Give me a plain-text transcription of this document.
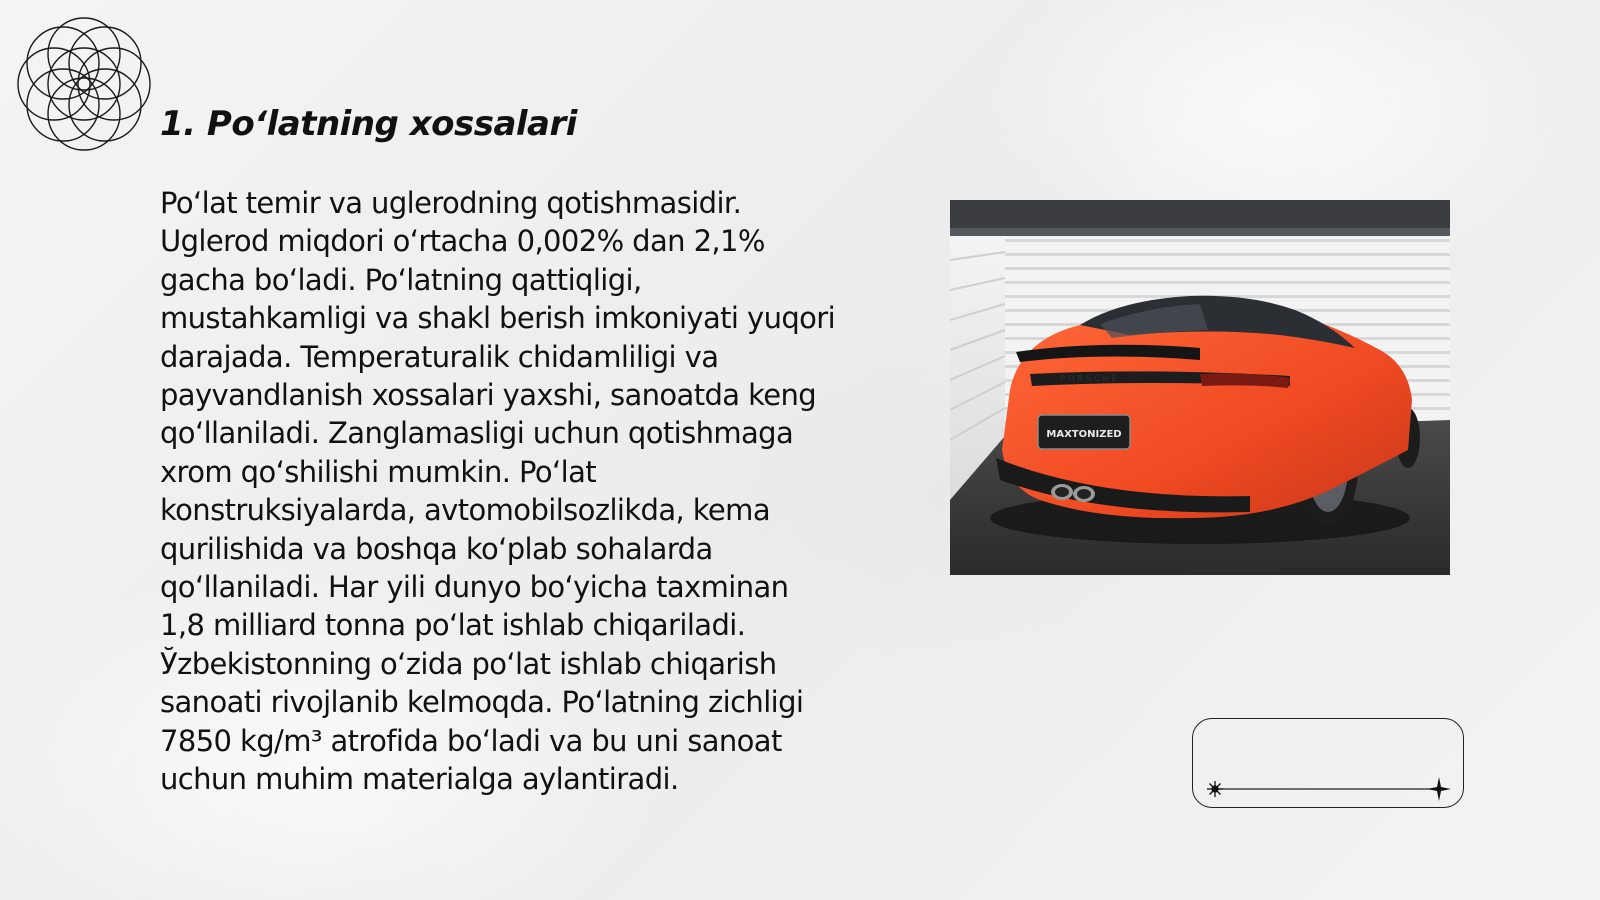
1. Po‘latning xossalari

Po‘lat temir va uglerodning qotishmasidir. Uglerod miqdori o‘rtacha 0,002% dan 2,1% gacha bo‘ladi. Po‘latning qattiqligi, mustahkamligi va shakl berish imkoniyati yuqori darajada. Temperaturalik chidamliligi va payvandlanish xossalari yaxshi, sanoatda keng qo‘llaniladi. Zanglamasligi uchun qotishmaga xrom qo‘shilishi mumkin. Po‘lat konstruksiyalarda, avtomobilsozlikda, kema qurilishida va boshqa ko‘plab sohalarda qo‘llaniladi. Har yili dunyo bo‘yicha taxminan 1,8 milliard tonna po‘lat ishlab chiqariladi. Ўzbekistonning o‘zida po‘lat ishlab chiqarish sanoati rivojlanib kelmoqda. Po‘latning zichligi 7850 kg/m³ atrofida bo‘ladi va bu uni sanoat uchun muhim materialga aylantiradi.

MAXTONIZED
PORSCHE
